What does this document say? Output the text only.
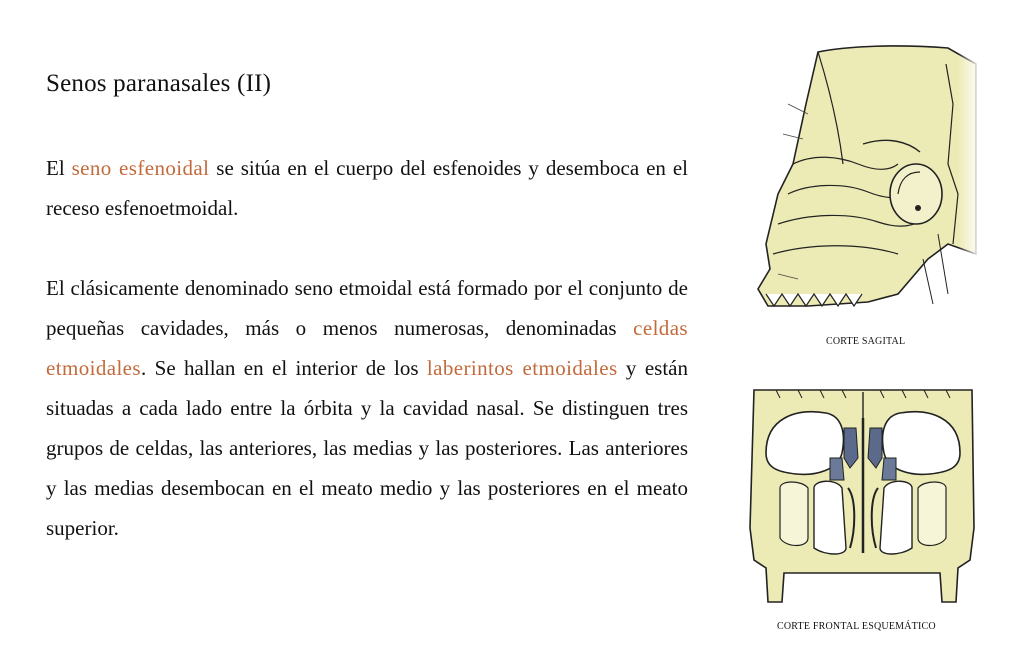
Senos paranasales (II)

El seno esfenoidal se sitúa en el cuerpo del esfenoides y desemboca en el receso esfenoetmoidal.

El clásicamente denominado seno etmoidal está formado por el conjunto de pequeñas cavidades, más o menos numerosas, denominadas celdas etmoidales. Se hallan en el interior de los laberintos etmoidales y están situadas a cada lado entre la órbita y la cavidad nasal. Se distinguen tres grupos de celdas, las anteriores, las medias y las posteriores. Las anteriores y las medias desembocan en el meato medio y las posteriores en el meato superior.

CORTE SAGITAL
CORTE FRONTAL ESQUEMÁTICO
